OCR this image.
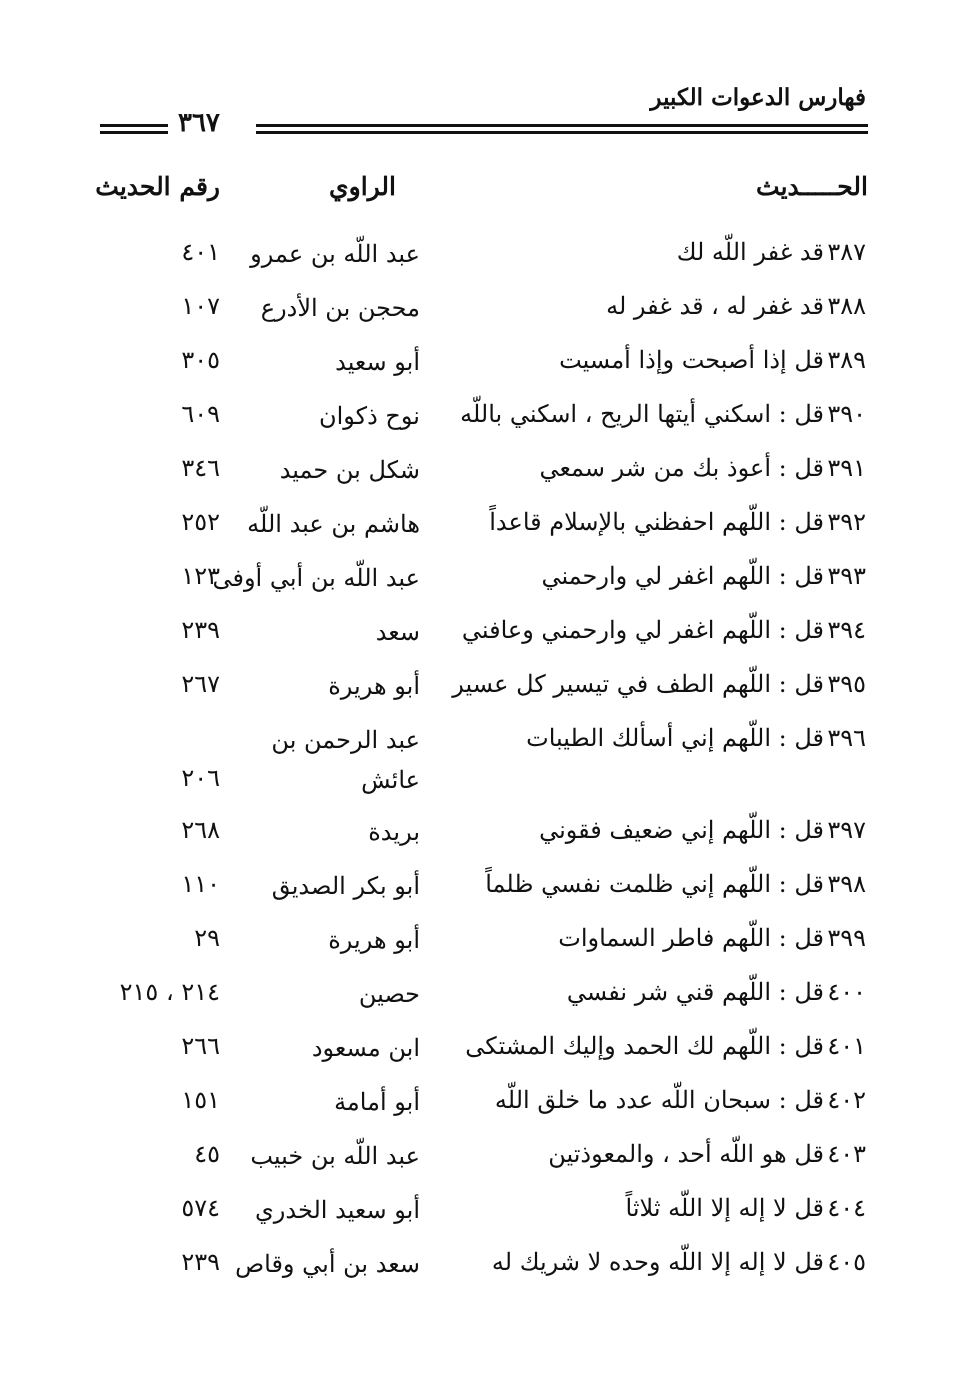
فهارس الدعوات الكبير
٣٦٧
الحـــــديث
الراوي
رقم الحديث
٣٨٧
قد غفر اللّه لك
عبد اللّه بن عمرو
٤٠١
٣٨٨
قد غفر له ، قد غفر له
محجن بن الأدرع
١٠٧
٣٨٩
قل إذا أصبحت وإذا أمسيت
أبو سعيد
٣٠٥
٣٩٠
قل : اسكني أيتها الريح ، اسكني باللّه
نوح ذكوان
٦٠٩
٣٩١
قل : أعوذ بك من شر سمعي
شكل بن حميد
٣٤٦
٣٩٢
قل : اللّهم احفظني بالإسلام قاعداً
هاشم بن عبد اللّه
٢٥٢
٣٩٣
قل : اللّهم اغفر لي وارحمني
عبد اللّه بن أبي أوفى
١٢٣
٣٩٤
قل : اللّهم اغفر لي وارحمني وعافني
سعد
٢٣٩
٣٩٥
قل : اللّهم الطف في تيسير كل عسير
أبو هريرة
٢٦٧
٣٩٦
قل : اللّهم إني أسألك الطيبات
عبد الرحمن بن
عائش
٢٠٦
٣٩٧
قل : اللّهم إني ضعيف فقوني
بريدة
٢٦٨
٣٩٨
قل : اللّهم إني ظلمت نفسي ظلماً
أبو بكر الصديق
١١٠
٣٩٩
قل : اللّهم فاطر السماوات
أبو هريرة
٢٩
٤٠٠
قل : اللّهم قني شر نفسي
حصين
٢١٤ ، ٢١٥
٤٠١
قل : اللّهم لك الحمد وإليك المشتكى
ابن مسعود
٢٦٦
٤٠٢
قل : سبحان اللّه عدد ما خلق اللّه
أبو أمامة
١٥١
٤٠٣
قل هو اللّه أحد ، والمعوذتين
عبد اللّه بن خبيب
٤٥
٤٠٤
قل لا إله إلا اللّه ثلاثاً
أبو سعيد الخدري
٥٧٤
٤٠٥
قل لا إله إلا اللّه وحده لا شريك له
سعد بن أبي وقاص
٢٣٩
